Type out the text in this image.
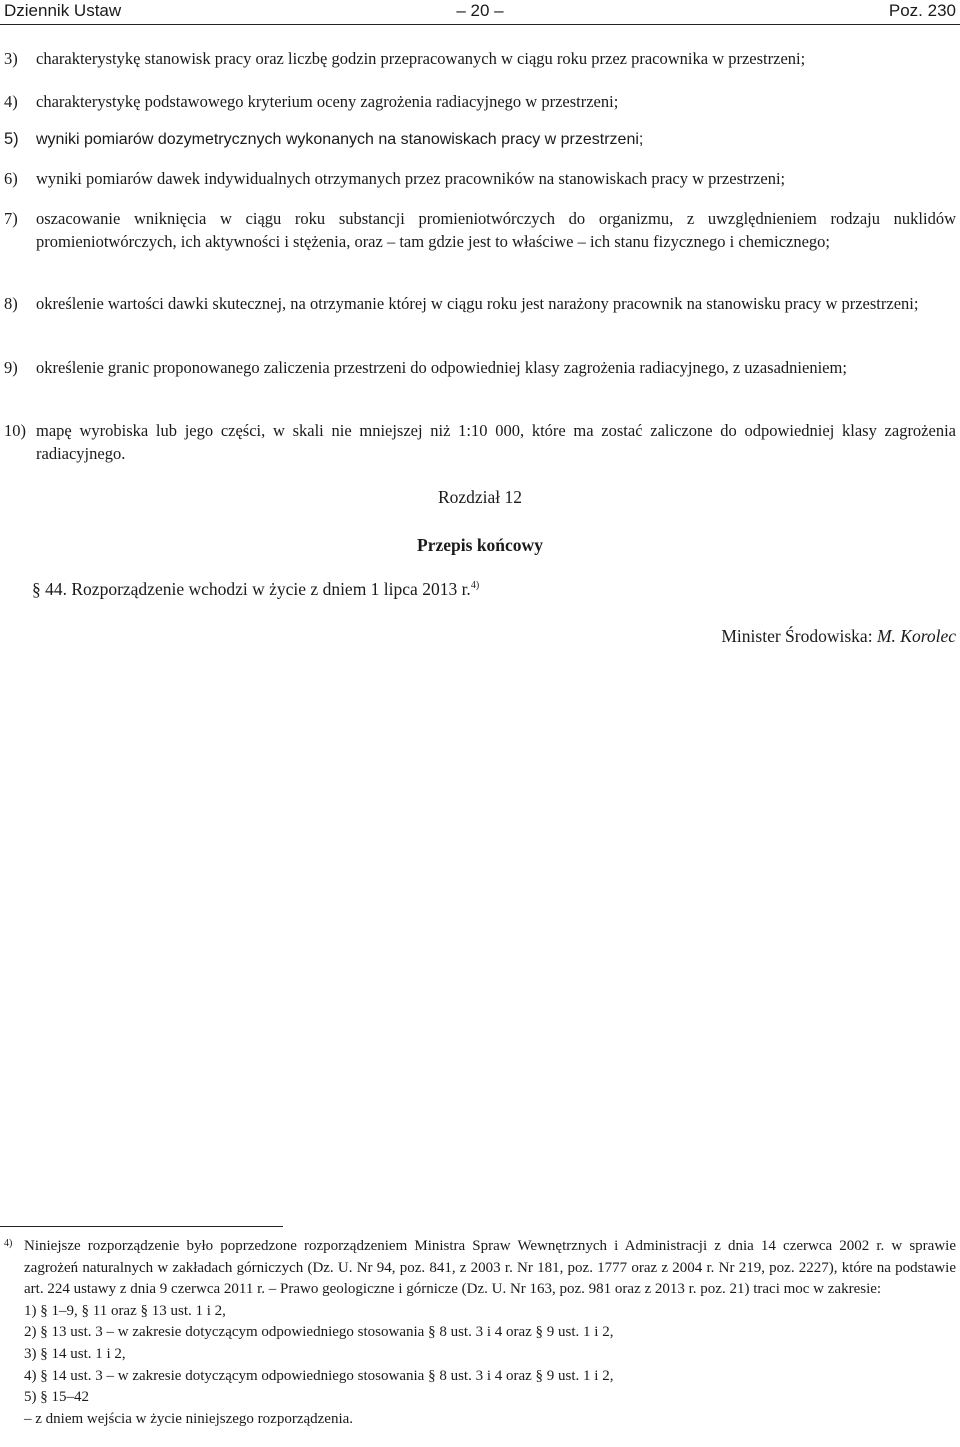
Dziennik Ustaw	– 20 –	Poz. 230
3)	charakterystykę stanowisk pracy oraz liczbę godzin przepracowanych w ciągu roku przez pracownika w przestrzeni;
4)	charakterystykę podstawowego kryterium oceny zagrożenia radiacyjnego w przestrzeni;
5)	wyniki pomiarów dozymetrycznych wykonanych na stanowiskach pracy w przestrzeni;
6)	wyniki pomiarów dawek indywidualnych otrzymanych przez pracowników na stanowiskach pracy w przestrzeni;
7)	oszacowanie wniknięcia w ciągu roku substancji promieniotwórczych do organizmu, z uwzględnieniem rodzaju nuklidów promieniotwórczych, ich aktywności i stężenia, oraz – tam gdzie jest to właściwe – ich stanu fizycznego i chemicznego;
8)	określenie wartości dawki skutecznej, na otrzymanie której w ciągu roku jest narażony pracownik na stanowisku pracy w przestrzeni;
9)	określenie granic proponowanego zaliczenia przestrzeni do odpowiedniej klasy zagrożenia radiacyjnego, z uzasadnieniem;
10) mapę wyrobiska lub jego części, w skali nie mniejszej niż 1:10 000, które ma zostać zaliczone do odpowiedniej klasy zagrożenia radiacyjnego.
Rozdział 12
Przepis końcowy
§ 44. Rozporządzenie wchodzi w życie z dniem 1 lipca 2013 r.$^{4)}$
Minister Środowiska: M. Korolec
4) Niniejsze rozporządzenie było poprzedzone rozporządzeniem Ministra Spraw Wewnętrznych i Administracji z dnia 14 czerwca 2002 r. w sprawie zagrożeń naturalnych w zakładach górniczych (Dz. U. Nr 94, poz. 841, z 2003 r. Nr 181, poz. 1777 oraz z 2004 r. Nr 219, poz. 2227), które na podstawie art. 224 ustawy z dnia 9 czerwca 2011 r. – Prawo geologiczne i górnicze (Dz. U. Nr 163, poz. 981 oraz z 2013 r. poz. 21) traci moc w zakresie:
1) § 1–9, § 11 oraz § 13 ust. 1 i 2,
2) § 13 ust. 3 – w zakresie dotyczącym odpowiedniego stosowania § 8 ust. 3 i 4 oraz § 9 ust. 1 i 2,
3) § 14 ust. 1 i 2,
4) § 14 ust. 3 – w zakresie dotyczącym odpowiedniego stosowania § 8 ust. 3 i 4 oraz § 9 ust. 1 i 2,
5) § 15–42
– z dniem wejścia w życie niniejszego rozporządzenia.
